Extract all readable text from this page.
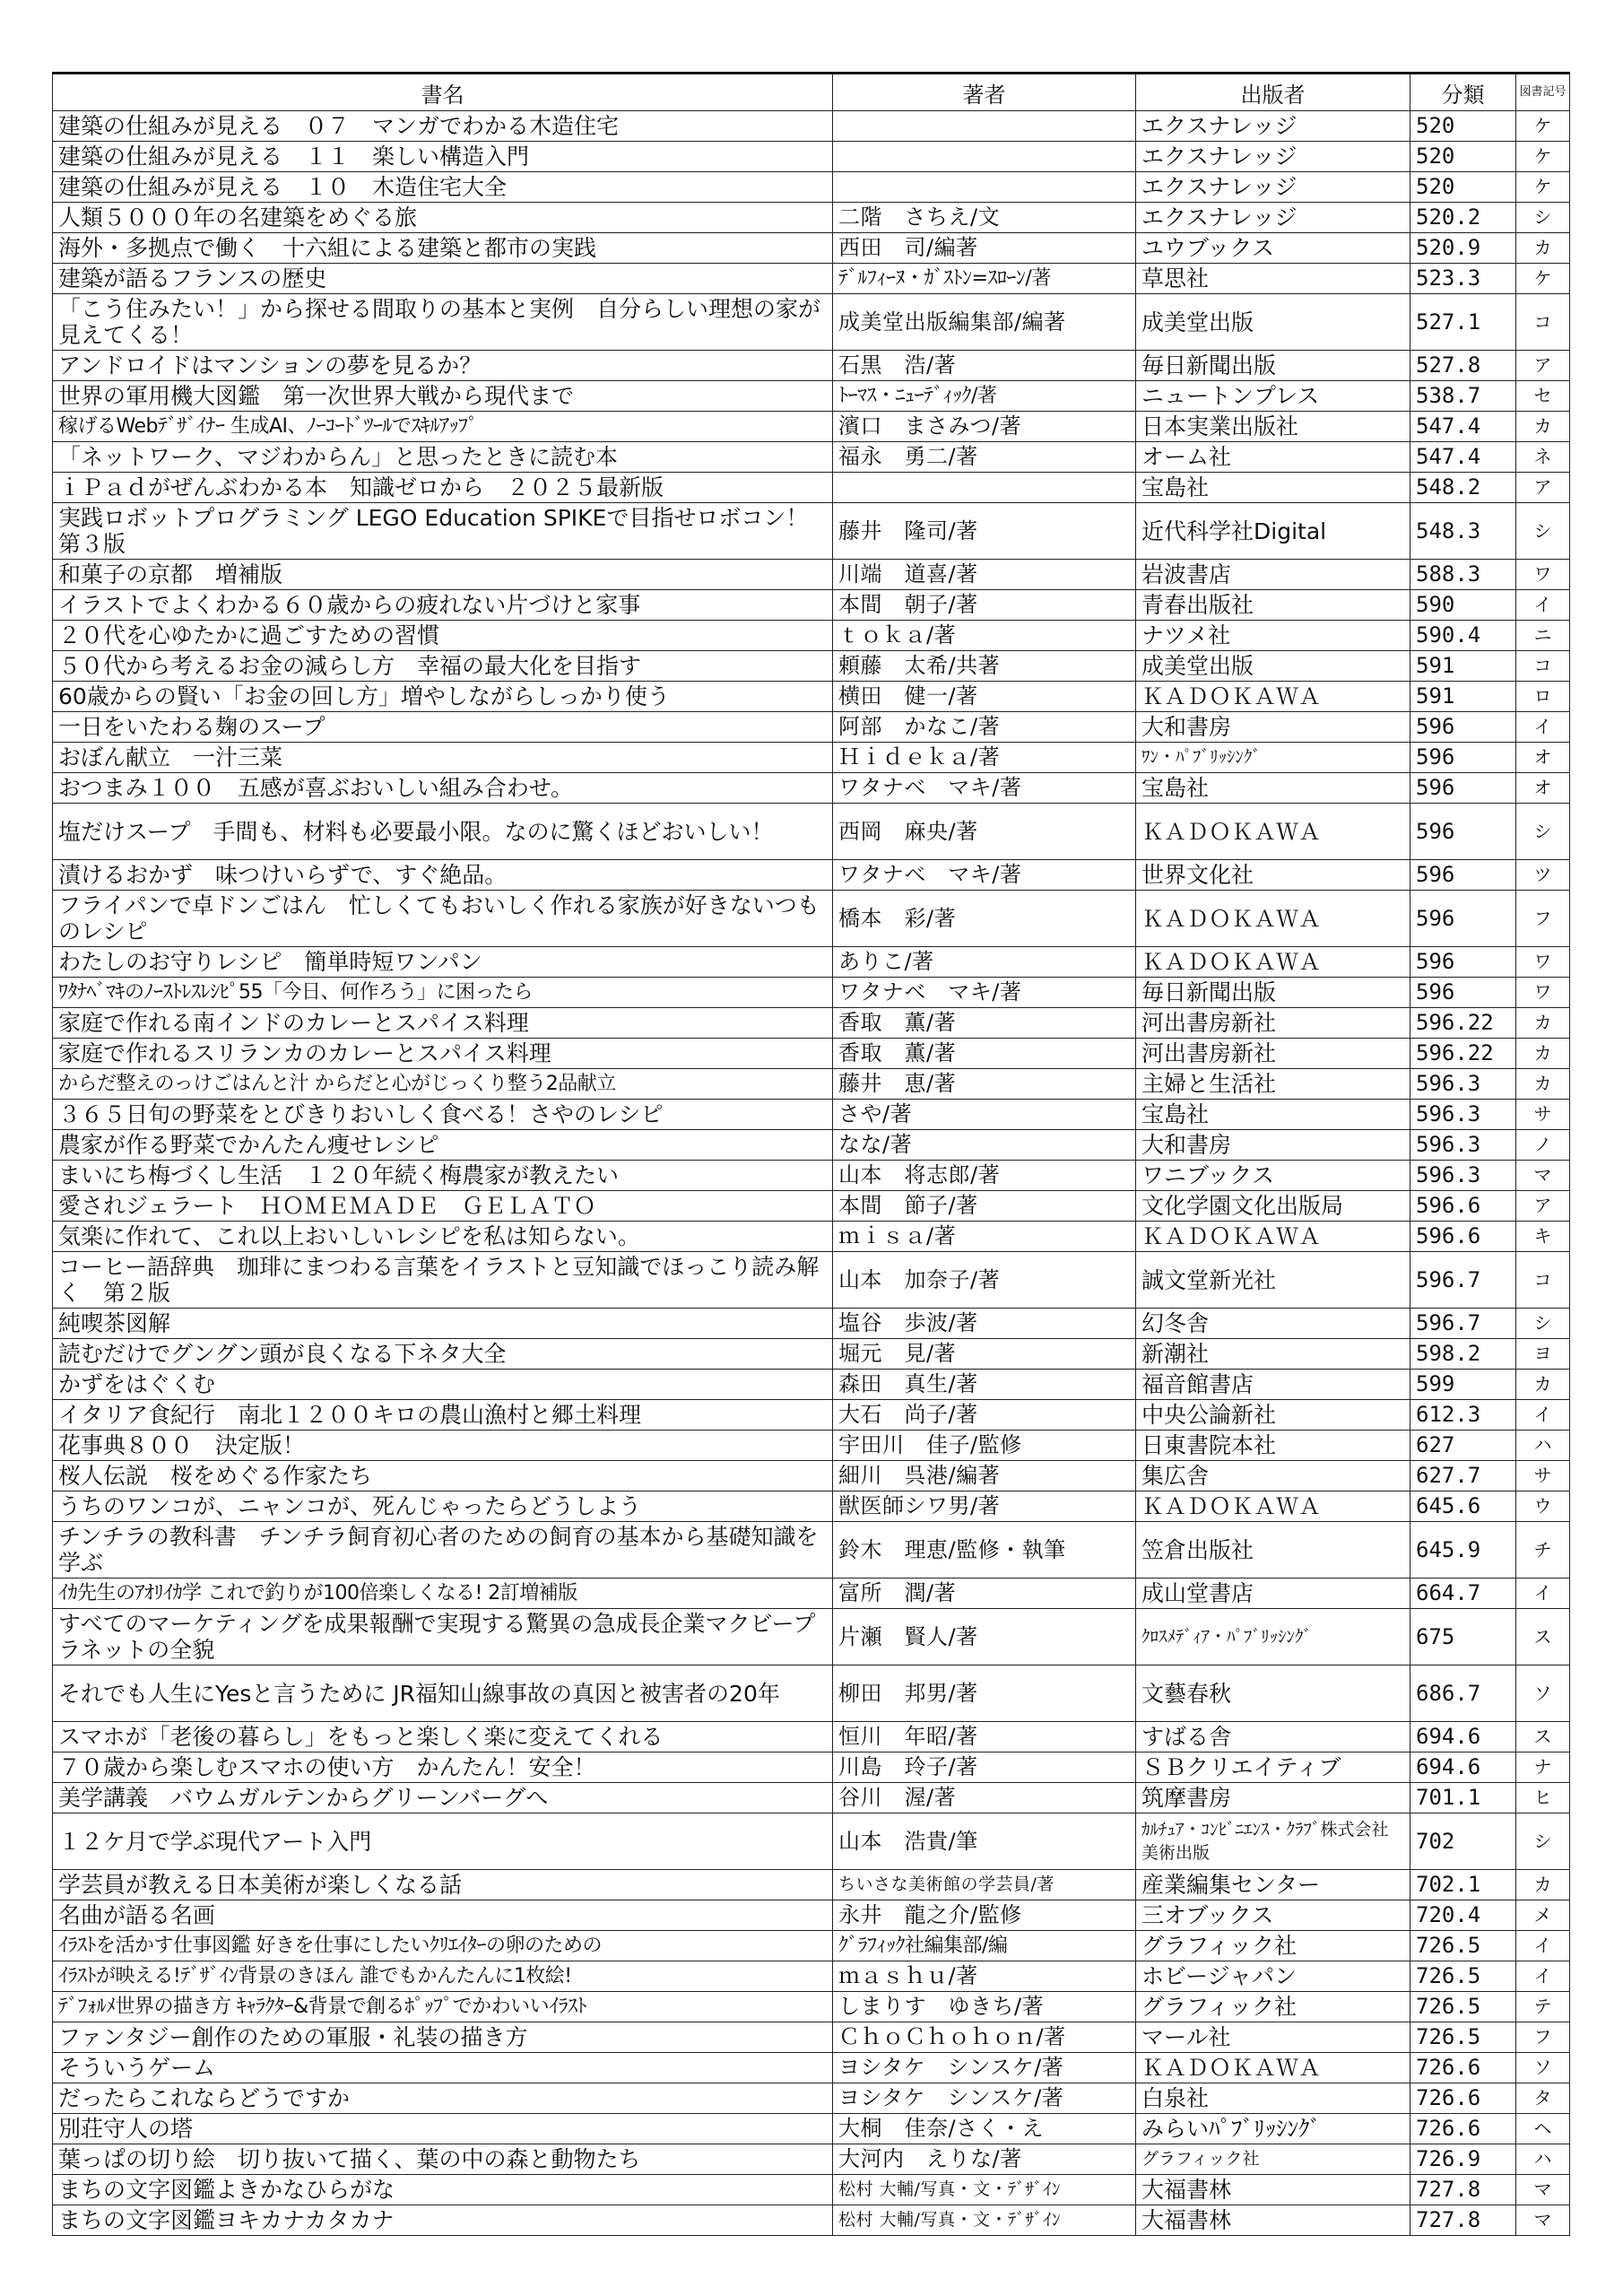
書名	著者	出版者	分類	図書記号
建築の仕組みが見える　０７　マンガでわかる木造住宅		エクスナレッジ	520	ケ
建築の仕組みが見える　１１　楽しい構造入門		エクスナレッジ	520	ケ
建築の仕組みが見える　１０　木造住宅大全		エクスナレッジ	520	ケ
人類５０００年の名建築をめぐる旅	二階　さちえ/文	エクスナレッジ	520.2	シ
海外・多拠点で働く　十六組による建築と都市の実践	西田　司/編著	ユウブックス	520.9	カ
建築が語るフランスの歴史	ﾃﾞﾙﾌｨｰﾇ・ｶﾞｽﾄﾝ=ｽﾛｰﾝ/著	草思社	523.3	ケ
「こう住みたい！」から探せる間取りの基本と実例　自分らしい理想の家が見えてくる！	成美堂出版編集部/編著	成美堂出版	527.1	コ
アンドロイドはマンションの夢を見るか？	石黒　浩/著	毎日新聞出版	527.8	ア
世界の軍用機大図鑑　第一次世界大戦から現代まで	ﾄｰﾏｽ・ﾆｭｰﾃﾞｨｯｸ/著	ニュートンプレス	538.7	セ
稼げるWebﾃﾞｻﾞｲﾅｰ 生成AI、ﾉｰｺｰﾄﾞﾂｰﾙでｽｷﾙｱｯﾌﾟ	濱口　まさみつ/著	日本実業出版社	547.4	カ
「ネットワーク、マジわからん」と思ったときに読む本	福永　勇二/著	オーム社	547.4	ネ
ｉＰａｄがぜんぶわかる本　知識ゼロから　２０２５最新版		宝島社	548.2	ア
実践ロボットプログラミング LEGO Education SPIKEで目指せロボコン！　第３版	藤井　隆司/著	近代科学社Digital	548.3	シ
和菓子の京都　増補版	川端　道喜/著	岩波書店	588.3	ワ
イラストでよくわかる６０歳からの疲れない片づけと家事	本間　朝子/著	青春出版社	590	イ
２０代を心ゆたかに過ごすための習慣	ｔｏｋａ/著	ナツメ社	590.4	ニ
５０代から考えるお金の減らし方　幸福の最大化を目指す	頼藤　太希/共著	成美堂出版	591	コ
60歳からの賢い「お金の回し方」増やしながらしっかり使う	横田　健一/著	ＫＡＤＯＫＡＷＡ	591	ロ
一日をいたわる麹のスープ	阿部　かなこ/著	大和書房	596	イ
おぼん献立　一汁三菜	Ｈｉｄｅｋａ/著	ﾜﾝ・ﾊﾟﾌﾞﾘｯｼﾝｸﾞ	596	オ
おつまみ１００　五感が喜ぶおいしい組み合わせ。	ワタナベ　マキ/著	宝島社	596	オ
塩だけスープ　手間も、材料も必要最小限。なのに驚くほどおいしい！	西岡　麻央/著	ＫＡＤＯＫＡＷＡ	596	シ
漬けるおかず　味つけいらずで、すぐ絶品。	ワタナベ　マキ/著	世界文化社	596	ツ
フライパンで卓ドンごはん　忙しくてもおいしく作れる家族が好きないつものレシピ	橋本　彩/著	ＫＡＤＯＫＡＷＡ	596	フ
わたしのお守りレシピ　簡単時短ワンパン	ありこ/著	ＫＡＤＯＫＡＷＡ	596	ワ
ﾜﾀﾅﾍﾞﾏｷのﾉｰｽﾄﾚｽﾚｼﾋﾟ55「今日、何作ろう」に困ったら	ワタナベ　マキ/著	毎日新聞出版	596	ワ
家庭で作れる南インドのカレーとスパイス料理	香取　薫/著	河出書房新社	596.22	カ
家庭で作れるスリランカのカレーとスパイス料理	香取　薫/著	河出書房新社	596.22	カ
からだ整えのっけごはんと汁 からだと心がじっくり整う2品献立	藤井　恵/著	主婦と生活社	596.3	カ
３６５日旬の野菜をとびきりおいしく食べる！さやのレシピ	さや/著	宝島社	596.3	サ
農家が作る野菜でかんたん痩せレシピ	なな/著	大和書房	596.3	ノ
まいにち梅づくし生活　１２０年続く梅農家が教えたい	山本　将志郎/著	ワニブックス	596.3	マ
愛されジェラート　ＨＯＭＥＭＡＤＥ　ＧＥＬＡＴＯ	本間　節子/著	文化学園文化出版局	596.6	ア
気楽に作れて、これ以上おいしいレシピを私は知らない。	ｍｉｓａ/著	ＫＡＤＯＫＡＷＡ	596.6	キ
コーヒー語辞典　珈琲にまつわる言葉をイラストと豆知識でほっこり読み解く　第２版	山本　加奈子/著	誠文堂新光社	596.7	コ
純喫茶図解	塩谷　歩波/著	幻冬舎	596.7	シ
読むだけでグングン頭が良くなる下ネタ大全	堀元　見/著	新潮社	598.2	ヨ
かずをはぐくむ	森田　真生/著	福音館書店	599	カ
イタリア食紀行　南北１２００キロの農山漁村と郷土料理	大石　尚子/著	中央公論新社	612.3	イ
花事典８００　決定版！	宇田川　佳子/監修	日東書院本社	627	ハ
桜人伝説　桜をめぐる作家たち	細川　呉港/編著	集広舎	627.7	サ
うちのワンコが、ニャンコが、死んじゃったらどうしよう	獣医師シワ男/著	ＫＡＤＯＫＡＷＡ	645.6	ウ
チンチラの教科書　チンチラ飼育初心者のための飼育の基本から基礎知識を学ぶ	鈴木　理恵/監修・執筆	笠倉出版社	645.9	チ
ｲｶ先生のｱｵﾘｲｶ学 これで釣りが100倍楽しくなる! 2訂増補版	富所　潤/著	成山堂書店	664.7	イ
すべてのマーケティングを成果報酬で実現する驚異の急成長企業マクビープラネットの全貌	片瀬　賢人/著	ｸﾛｽﾒﾃﾞｨｱ・ﾊﾟﾌﾞﾘｯｼﾝｸﾞ	675	ス
それでも人生にYesと言うために JR福知山線事故の真因と被害者の20年	柳田　邦男/著	文藝春秋	686.7	ソ
スマホが「老後の暮らし」をもっと楽しく楽に変えてくれる	恒川　年昭/著	すばる舎	694.6	ス
７０歳から楽しむスマホの使い方　かんたん！安全！	川島　玲子/著	ＳＢクリエイティブ	694.6	ナ
美学講義　バウムガルテンからグリーンバーグへ	谷川　渥/著	筑摩書房	701.1	ヒ
１２ケ月で学ぶ現代アート入門	山本　浩貴/筆	ｶﾙﾁｭｱ・ｺﾝﾋﾞﾆｴﾝｽ・ｸﾗﾌﾞ株式会社美術出版	702	シ
学芸員が教える日本美術が楽しくなる話	ちいさな美術館の学芸員/著	産業編集センター	702.1	カ
名曲が語る名画	永井　龍之介/監修	三オブックス	720.4	メ
ｲﾗｽﾄを活かす仕事図鑑 好きを仕事にしたいｸﾘｴｲﾀｰの卵のための	ｸﾞﾗﾌｨｯｸ社編集部/編	グラフィック社	726.5	イ
ｲﾗｽﾄが映える!ﾃﾞｻﾞｲﾝ背景のきほん 誰でもかんたんに1枚絵!	ｍａｓｈｕ/著	ホビージャパン	726.5	イ
ﾃﾞﾌｫﾙﾒ世界の描き方 ｷｬﾗｸﾀｰ&背景で創るﾎﾟｯﾌﾟでかわいいｲﾗｽﾄ	しまりす　ゆきち/著	グラフィック社	726.5	テ
ファンタジー創作のための軍服・礼装の描き方	ＣｈｏＣｈｏｈｏｎ/著	マール社	726.5	フ
そういうゲーム	ヨシタケ　シンスケ/著	ＫＡＤＯＫＡＷＡ	726.6	ソ
だったらこれならどうですか	ヨシタケ　シンスケ/著	白泉社	726.6	タ
別荘守人の塔	大桐　佳奈/さく・え	みらいﾊﾟﾌﾞﾘｯｼﾝｸﾞ	726.6	ヘ
葉っぱの切り絵　切り抜いて描く、葉の中の森と動物たち	大河内　えりな/著	グラフィック社	726.9	ハ
まちの文字図鑑よきかなひらがな	松村 大輔/写真・文・ﾃﾞｻﾞｲﾝ	大福書林	727.8	マ
まちの文字図鑑ヨキカナカタカナ	松村 大輔/写真・文・ﾃﾞｻﾞｲﾝ	大福書林	727.8	マ
